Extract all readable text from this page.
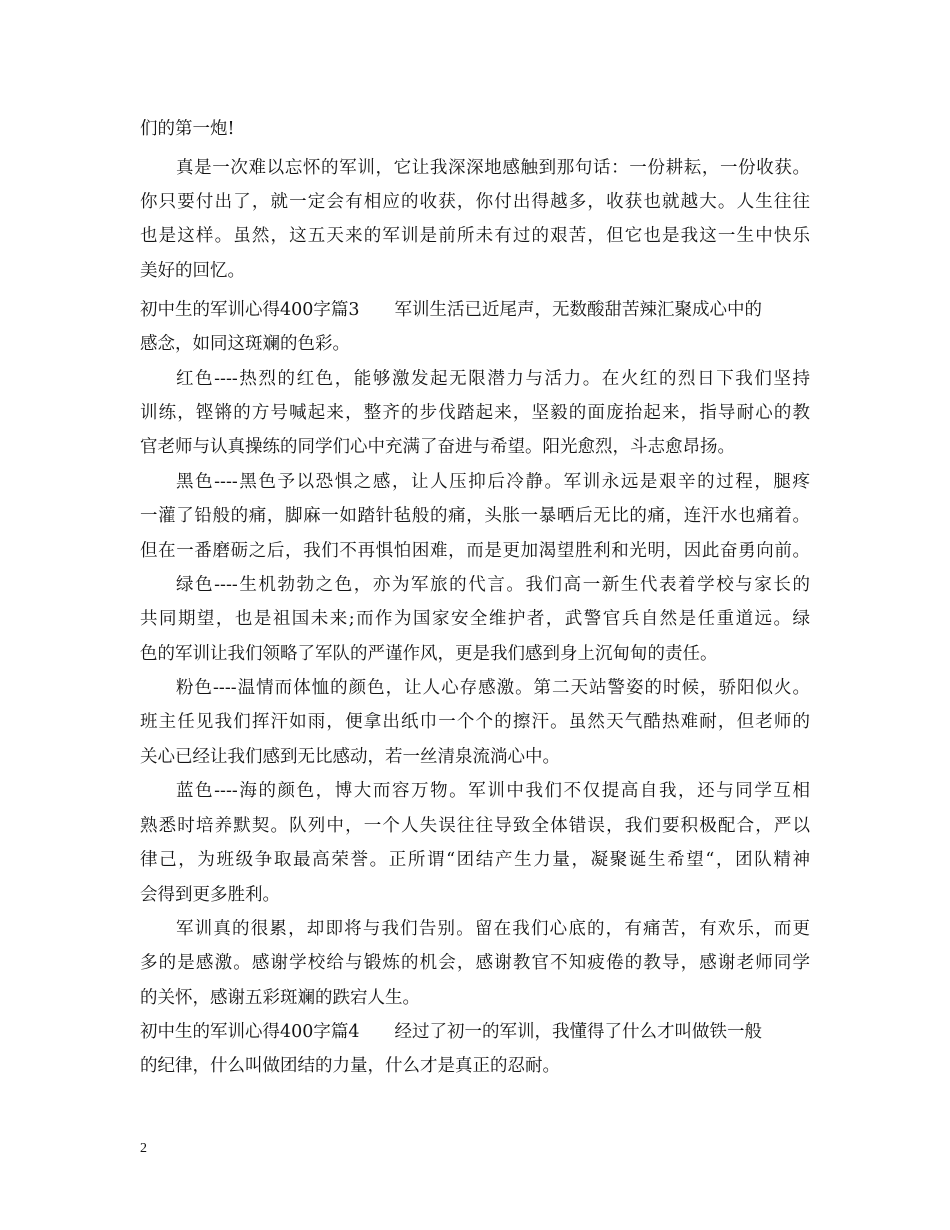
们的第一炮!

真是一次难以忘怀的军训，它让我深深地感触到那句话：一份耕耘，一份收获。

你只要付出了，就一定会有相应的收获，你付出得越多，收获也就越大。人生往往

也是这样。虽然，这五天来的军训是前所未有过的艰苦，但它也是我这一生中快乐

美好的回忆。

初中生的军训心得400字篇3　　军训生活已近尾声，无数酸甜苦辣汇聚成心中的

感念，如同这斑斓的色彩。

红色----热烈的红色，能够激发起无限潜力与活力。在火红的烈日下我们坚持

训练，铿锵的方号喊起来，整齐的步伐踏起来，坚毅的面庞抬起来，指导耐心的教

官老师与认真操练的同学们心中充满了奋进与希望。阳光愈烈，斗志愈昂扬。

黑色----黑色予以恐惧之感，让人压抑后冷静。军训永远是艰辛的过程，腿疼

一灌了铅般的痛，脚麻一如踏针毡般的痛，头胀一暴晒后无比的痛，连汗水也痛着。

但在一番磨砺之后，我们不再惧怕困难，而是更加渴望胜利和光明，因此奋勇向前。

绿色----生机勃勃之色，亦为军旅的代言。我们高一新生代表着学校与家长的

共同期望，也是祖国未来;而作为国家安全维护者，武警官兵自然是任重道远。绿

色的军训让我们领略了军队的严谨作风，更是我们感到身上沉甸甸的责任。

粉色----温情而体恤的颜色，让人心存感激。第二天站警姿的时候，骄阳似火。

班主任见我们挥汗如雨，便拿出纸巾一个个的擦汗。虽然天气酷热难耐，但老师的

关心已经让我们感到无比感动，若一丝清泉流淌心中。

蓝色----海的颜色，博大而容万物。军训中我们不仅提高自我，还与同学互相

熟悉时培养默契。队列中，一个人失误往往导致全体错误，我们要积极配合，严以

律己，为班级争取最高荣誉。正所谓“团结产生力量，凝聚诞生希望“，团队精神

会得到更多胜利。

军训真的很累，却即将与我们告别。留在我们心底的，有痛苦，有欢乐，而更

多的是感激。感谢学校给与锻炼的机会，感谢教官不知疲倦的教导，感谢老师同学

的关怀，感谢五彩斑斓的跌宕人生。

初中生的军训心得400字篇4　　经过了初一的军训，我懂得了什么才叫做铁一般

的纪律，什么叫做团结的力量，什么才是真正的忍耐。

2
